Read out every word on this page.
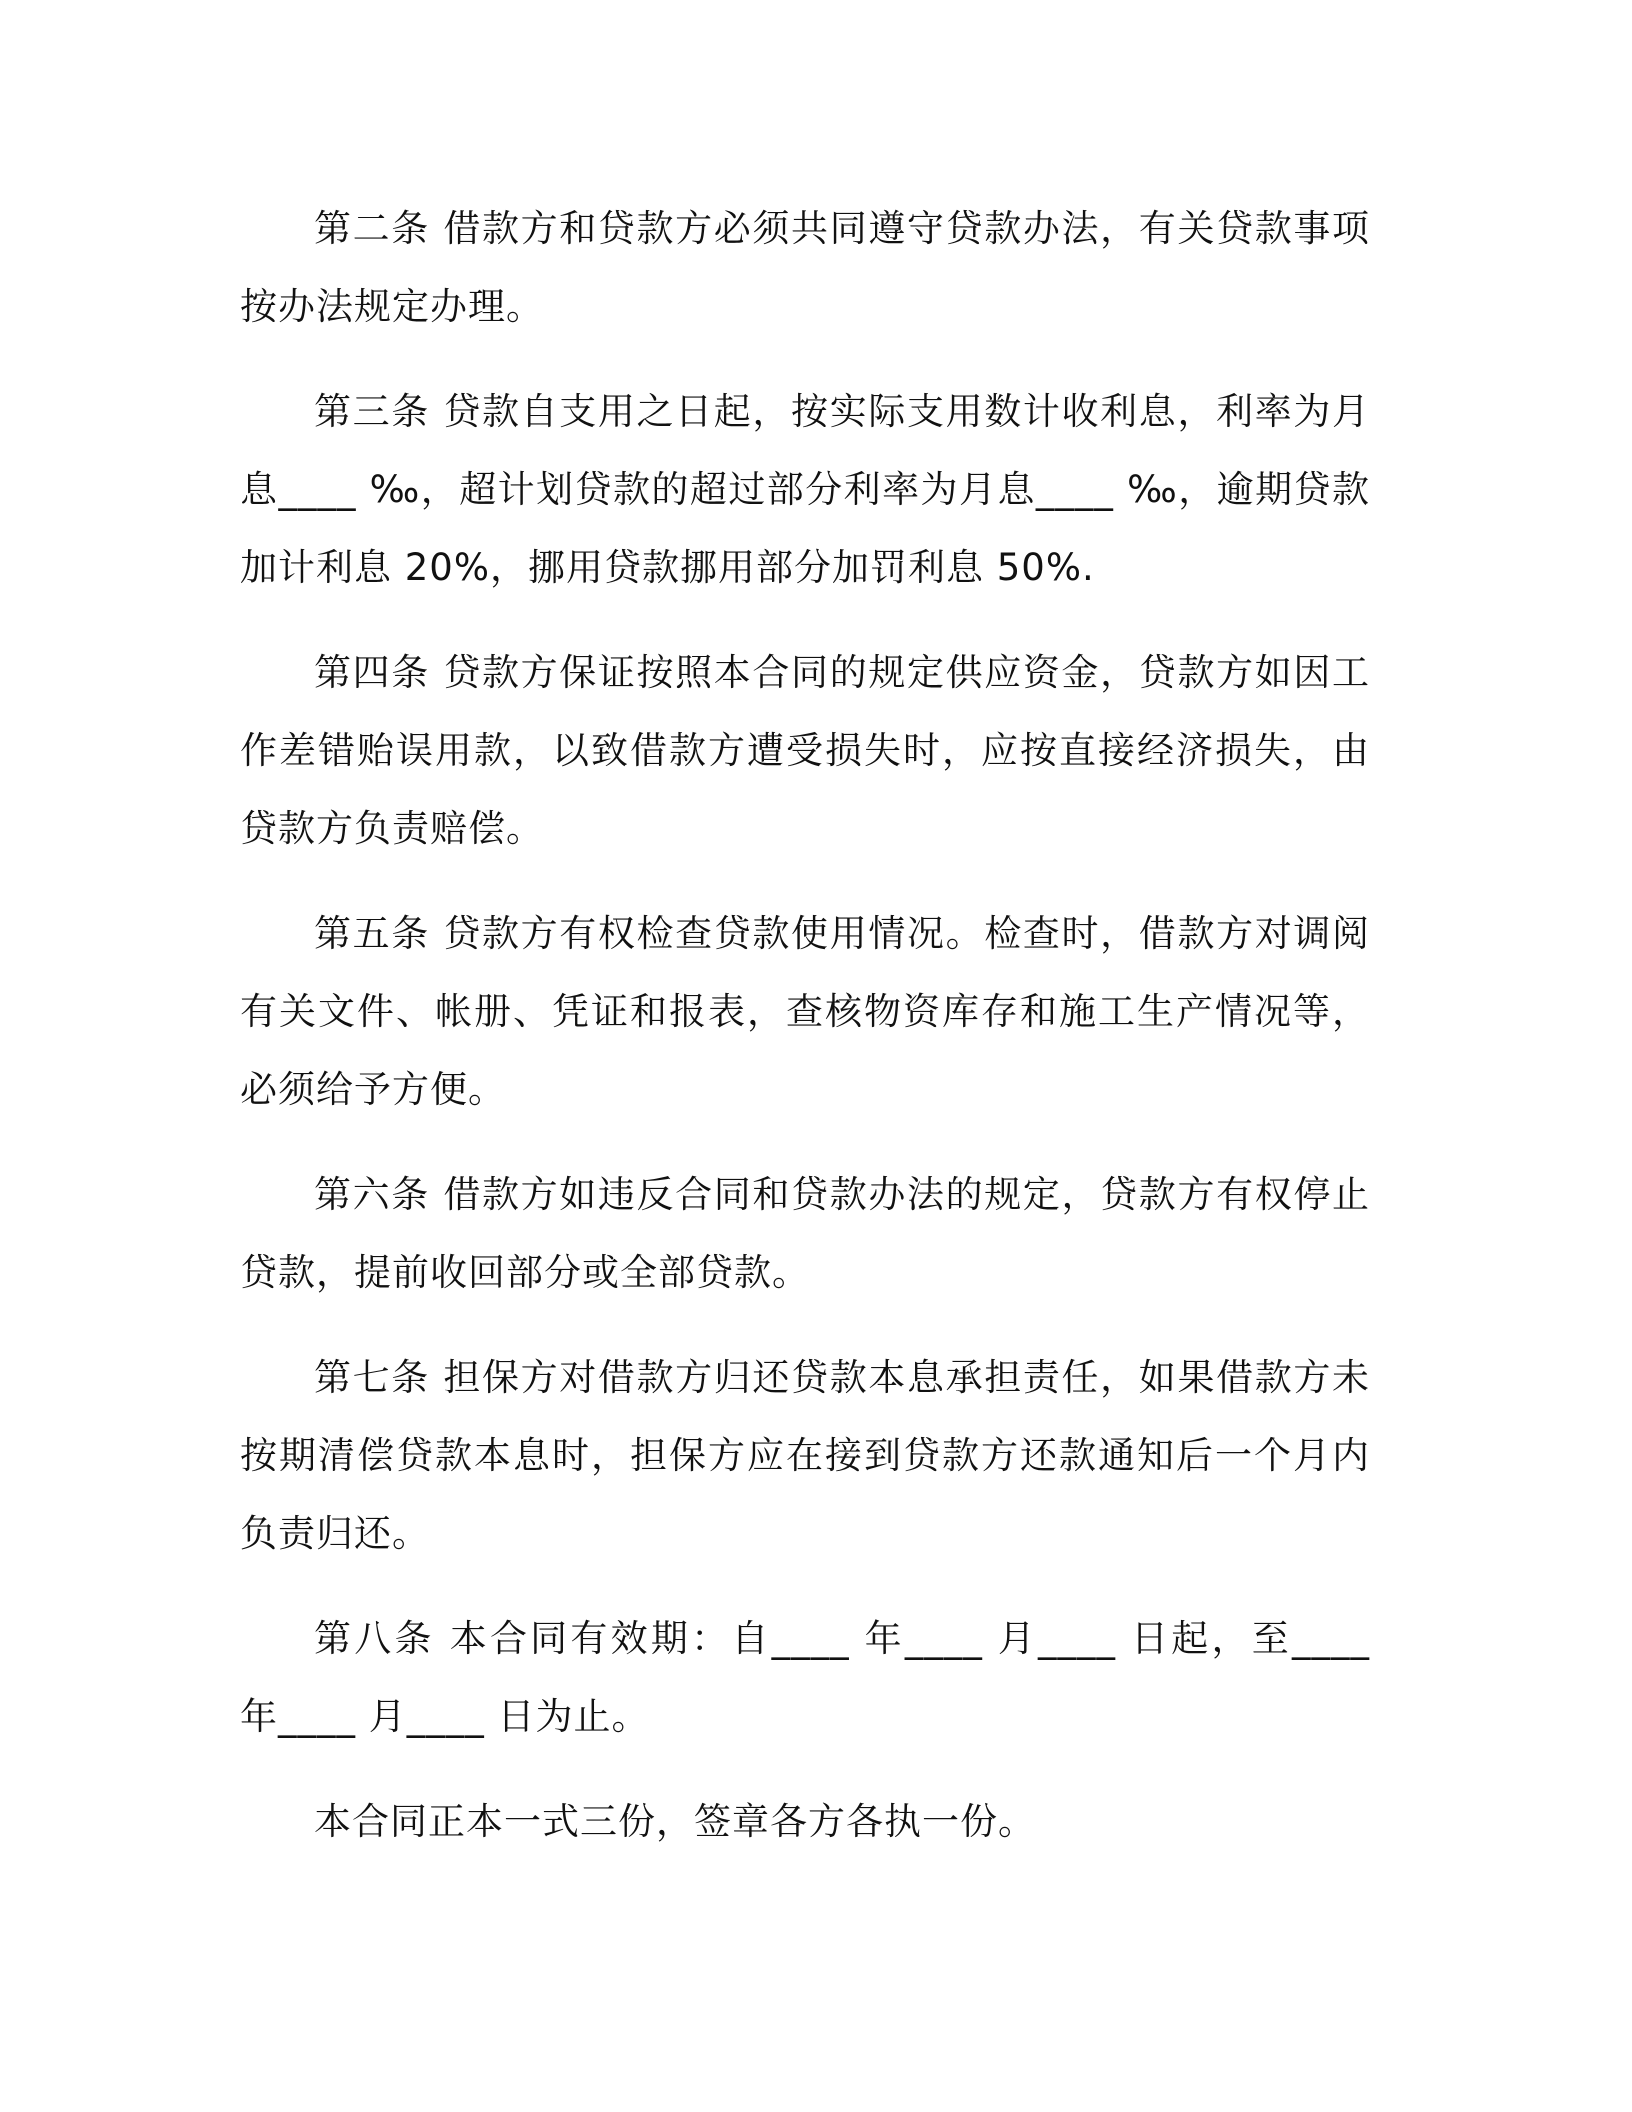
第二条 借款方和贷款方必须共同遵守贷款办法，有关贷款事项按办法规定办理。

第三条 贷款自支用之日起，按实际支用数计收利息，利率为月息____ ‰，超计划贷款的超过部分利率为月息____ ‰，逾期贷款加计利息 20%，挪用贷款挪用部分加罚利息 50%.

第四条 贷款方保证按照本合同的规定供应资金，贷款方如因工作差错贻误用款，以致借款方遭受损失时，应按直接经济损失，由贷款方负责赔偿。

第五条 贷款方有权检查贷款使用情况。检查时，借款方对调阅有关文件、帐册、凭证和报表，查核物资库存和施工生产情况等，必须给予方便。

第六条 借款方如违反合同和贷款办法的规定，贷款方有权停止贷款，提前收回部分或全部贷款。

第七条 担保方对借款方归还贷款本息承担责任，如果借款方未按期清偿贷款本息时，担保方应在接到贷款方还款通知后一个月内负责归还。

第八条 本合同有效期：自____ 年____ 月____ 日起，至____ 年____ 月____ 日为止。

本合同正本一式三份，签章各方各执一份。
